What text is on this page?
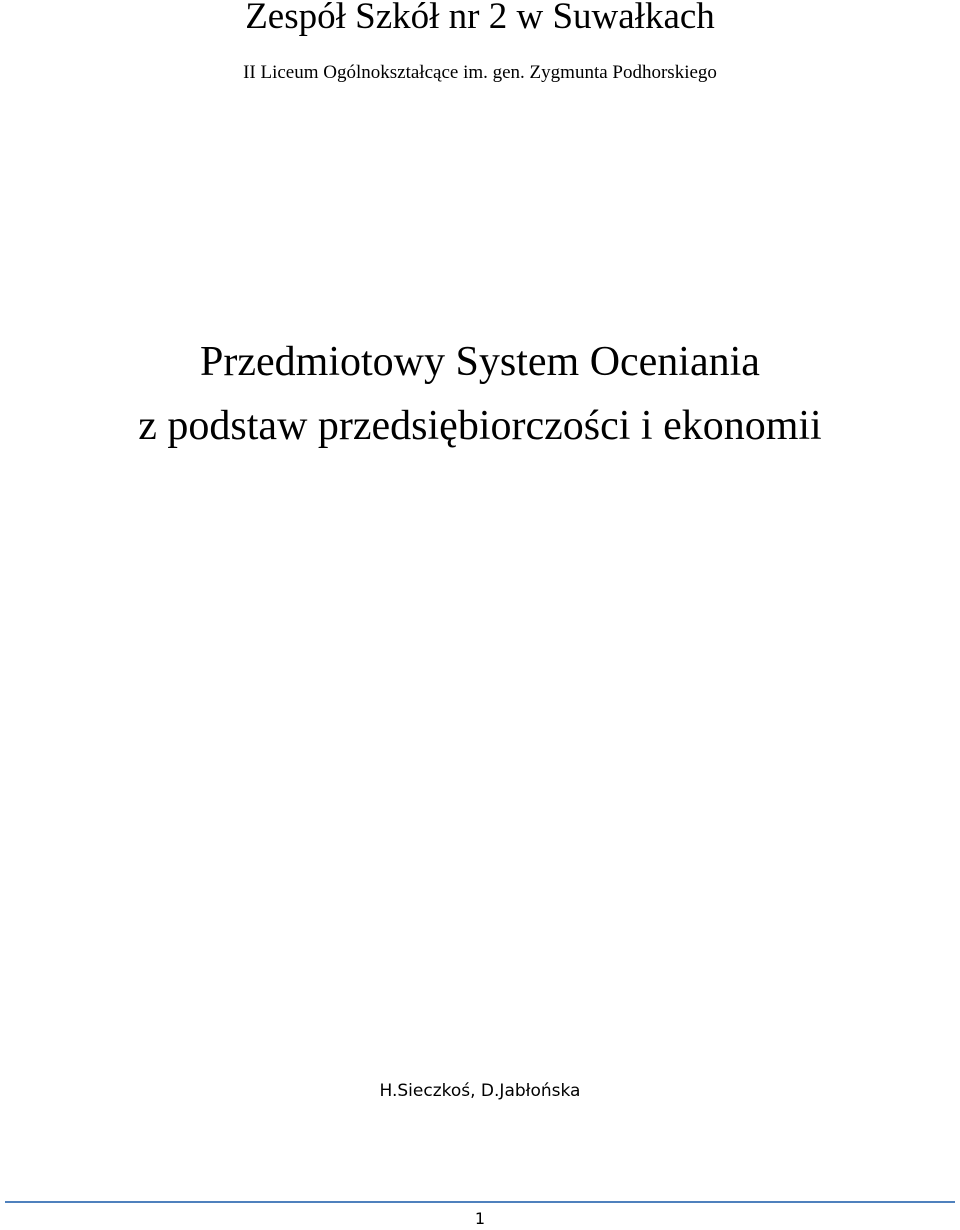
Zespół Szkół nr 2 w Suwałkach
II Liceum Ogólnokształcące im. gen. Zygmunta Podhorskiego
Przedmiotowy System Oceniania
z podstaw przedsiębiorczości i ekonomii
H.Sieczkoś, D.Jabłońska
1
